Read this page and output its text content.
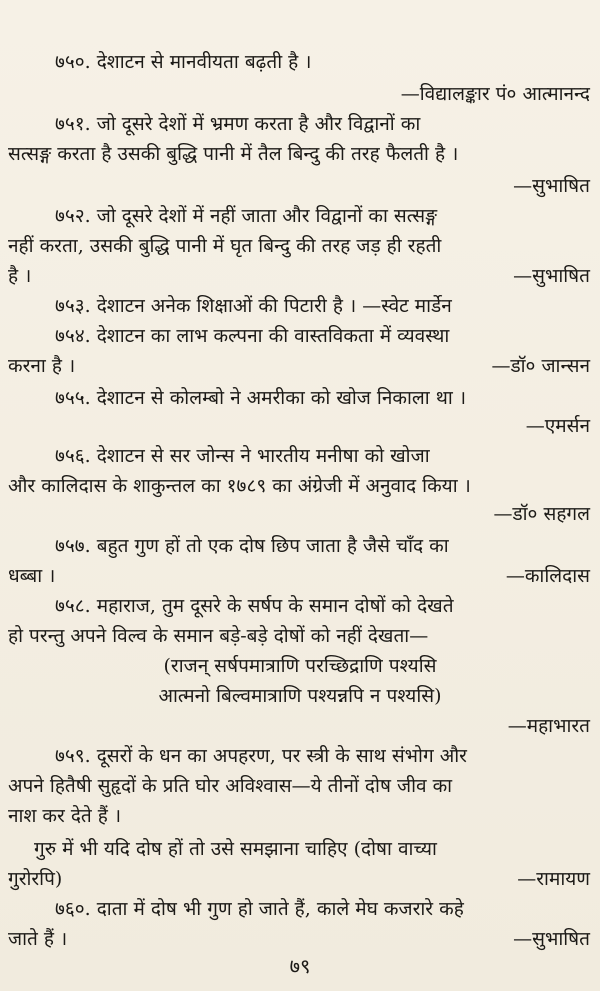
७५०. देशाटन से मानवीयता बढ़ती है ।
—विद्यालङ्कार पं० आत्मानन्द
७५१. जो दूसरे देशों में भ्रमण करता है और विद्वानों का
सत्सङ्ग करता है उसकी बुद्धि पानी में तैल बिन्दु की तरह फैलती है ।
—सुभाषित
७५२. जो दूसरे देशों में नहीं जाता और विद्वानों का सत्सङ्ग
नहीं करता, उसकी बुद्धि पानी में घृत बिन्दु की तरह जड़ ही रहती
है ।	—सुभाषित
७५३. देशाटन अनेक शिक्षाओं की पिटारी है । —स्वेट मार्डेन
७५४. देशाटन का लाभ कल्पना की वास्तविकता में व्यवस्था
करना है ।	—डॉ० जान्सन
७५५. देशाटन से कोलम्बो ने अमरीका को खोज निकाला था ।
—एमर्सन
७५६. देशाटन से सर जोन्स ने भारतीय मनीषा को खोजा
और कालिदास के शाकुन्तल का १७८९ का अंग्रेजी में अनुवाद किया ।
—डॉ० सहगल
७५७. बहुत गुण हों तो एक दोष छिप जाता है जैसे चाँद का
धब्बा ।	—कालिदास
७५८. महाराज, तुम दूसरे के सर्षप के समान दोषों को देखते
हो परन्तु अपने विल्व के समान बड़े-बड़े दोषों को नहीं देखता—
(राजन् सर्षपमात्राणि परच्छिद्राणि पश्यसि
आत्मनो बिल्वमात्राणि पश्यन्नपि न पश्यसि)
—महाभारत
७५९. दूसरों के धन का अपहरण, पर स्त्री के साथ संभोग और
अपने हितैषी सुहृदों के प्रति घोर अविश्वास—ये तीनों दोष जीव का
नाश कर देते हैं ।
गुरु में भी यदि दोष हों तो उसे समझाना चाहिए (दोषा वाच्या
गुरोरपि)	—रामायण
७६०. दाता में दोष भी गुण हो जाते हैं, काले मेघ कजरारे कहे
जाते हैं ।	—सुभाषित
७९
